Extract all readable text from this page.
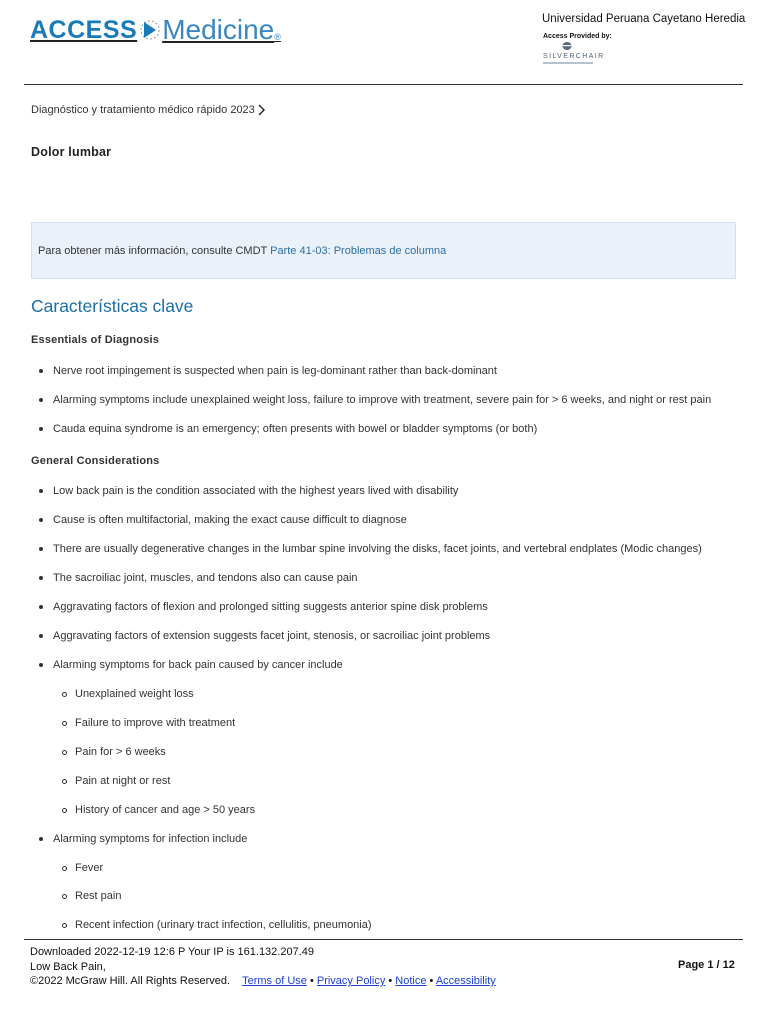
ACCESS Medicine ®
Universidad Peruana Cayetano Heredia
Access Provided by:
SILVERCHAIR
Diagnóstico y tratamiento médico rápido 2023
Dolor lumbar
Para obtener más información, consulte CMDT Parte 41-03: Problemas de columna
Características clave
Essentials of Diagnosis
Nerve root impingement is suspected when pain is leg-dominant rather than back-dominant
Alarming symptoms include unexplained weight loss, failure to improve with treatment, severe pain for > 6 weeks, and night or rest pain
Cauda equina syndrome is an emergency; often presents with bowel or bladder symptoms (or both)
General Considerations
Low back pain is the condition associated with the highest years lived with disability
Cause is often multifactorial, making the exact cause difficult to diagnose
There are usually degenerative changes in the lumbar spine involving the disks, facet joints, and vertebral endplates (Modic changes)
The sacroiliac joint, muscles, and tendons also can cause pain
Aggravating factors of flexion and prolonged sitting suggests anterior spine disk problems
Aggravating factors of extension suggests facet joint, stenosis, or sacroiliac joint problems
Alarming symptoms for back pain caused by cancer include
Unexplained weight loss
Failure to improve with treatment
Pain for > 6 weeks
Pain at night or rest
History of cancer and age > 50 years
Alarming symptoms for infection include
Fever
Rest pain
Recent infection (urinary tract infection, cellulitis, pneumonia)
Downloaded 2022-12-19 12:6 P Your IP is 161.132.207.49
Low Back Pain,
©2022 McGraw Hill. All Rights Reserved. Terms of Use • Privacy Policy • Notice • Accessibility
Page 1 / 12
